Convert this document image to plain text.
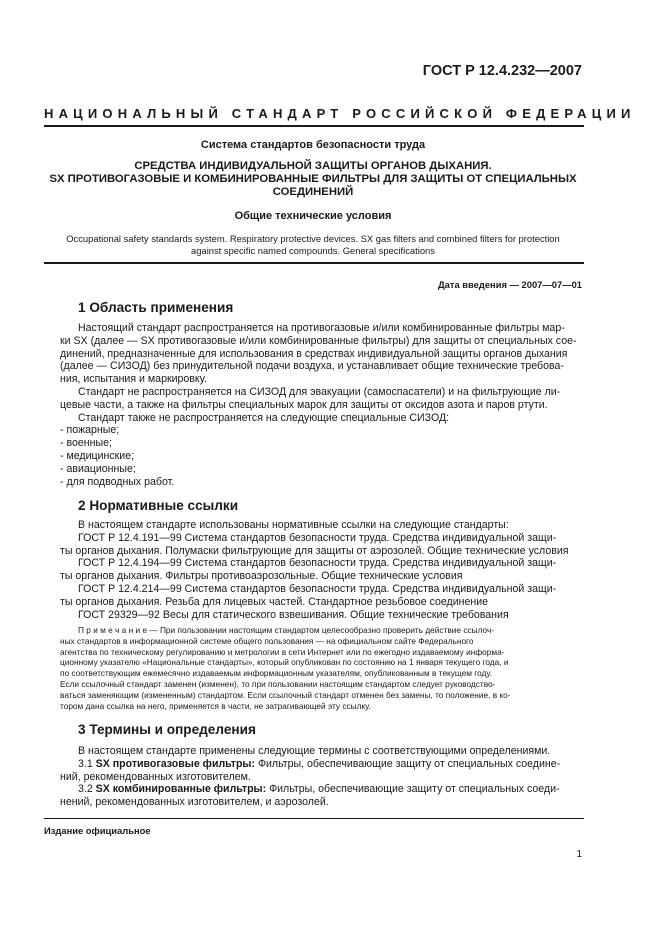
ГОСТ Р 12.4.232—2007
НАЦИОНАЛЬНЫЙ СТАНДАРТ РОССИЙСКОЙ ФЕДЕРАЦИИ
Система стандартов безопасности труда
СРЕДСТВА ИНДИВИДУАЛЬНОЙ ЗАЩИТЫ ОРГАНОВ ДЫХАНИЯ.
SX ПРОТИВОГАЗОВЫЕ И КОМБИНИРОВАННЫЕ ФИЛЬТРЫ ДЛЯ ЗАЩИТЫ ОТ СПЕЦИАЛЬНЫХ
СОЕДИНЕНИЙ
Общие технические условия
Occupational safety standards system. Respiratory protective devices. SX gas filters and combined filters for protection
against specific named compounds. General specifications
Дата введения — 2007—07—01
1 Область применения
Настоящий стандарт распространяется на противогазовые и/или комбинированные фильтры мар-
ки SX (далее — SX противогазовые и/или комбинированные фильтры) для защиты от специальных сое-
динений, предназначенные для использования в средствах индивидуальной защиты органов дыхания
(далее — СИЗОД) без принудительной подачи воздуха, и устанавливает общие технические требова-
ния, испытания и маркировку.
Стандарт не распространяется на СИЗОД для эвакуации (самоспасатели) и на фильтрующие ли-
цевые части, а также на фильтры специальных марок для защиты от оксидов азота и паров ртути.
Стандарт также не распространяется на следующие специальные СИЗОД:
- пожарные;
- военные;
- медицинские;
- авиационные;
- для подводных работ.
2 Нормативные ссылки
В настоящем стандарте использованы нормативные ссылки на следующие стандарты:
ГОСТ Р 12.4.191—99 Система стандартов безопасности труда. Средства индивидуальной защи-
ты органов дыхания. Полумаски фильтрующие для защиты от аэрозолей. Общие технические условия
ГОСТ Р 12.4.194—99 Система стандартов безопасности труда. Средства индивидуальной защи-
ты органов дыхания. Фильтры противоаэрозольные. Общие технические условия
ГОСТ Р 12.4.214—99 Система стандартов безопасности труда. Средства индивидуальной защи-
ты органов дыхания. Резьба для лицевых частей. Стандартное резьбовое соединение
ГОСТ 29329—92 Весы для статического взвешивания. Общие технические требования
П р и м е ч а н и е — При пользовании настоящим стандартом целесообразно проверить действие ссылоч-
ных стандартов в информационной системе общего пользования — на официальном сайте Федерального
агентства по техническому регулированию и метрологии в сети Интернет или по ежегодно издаваемому информа-
ционному указателю «Национальные стандарты», который опубликован по состоянию на 1 января текущего года, и
по соответствующим ежемесячно издаваемым информационным указателям, опубликованным в текущем году.
Если ссылочный стандарт заменен (изменен), то при пользовании настоящим стандартом следует руководство-
ваться заменяющим (измененным) стандартом. Если ссылочный стандарт отменен без замены, то положение, в ко-
тором дана ссылка на него, применяется в части, не затрагивающей эту ссылку.
3 Термины и определения
В настоящем стандарте применены следующие термины с соответствующими определениями.
3.1 SX противогазовые фильтры: Фильтры, обеспечивающие защиту от специальных соедине-
ний, рекомендованных изготовителем.
3.2 SX комбинированные фильтры: Фильтры, обеспечивающие защиту от специальных соеди-
нений, рекомендованных изготовителем, и аэрозолей.
Издание официальное
1
